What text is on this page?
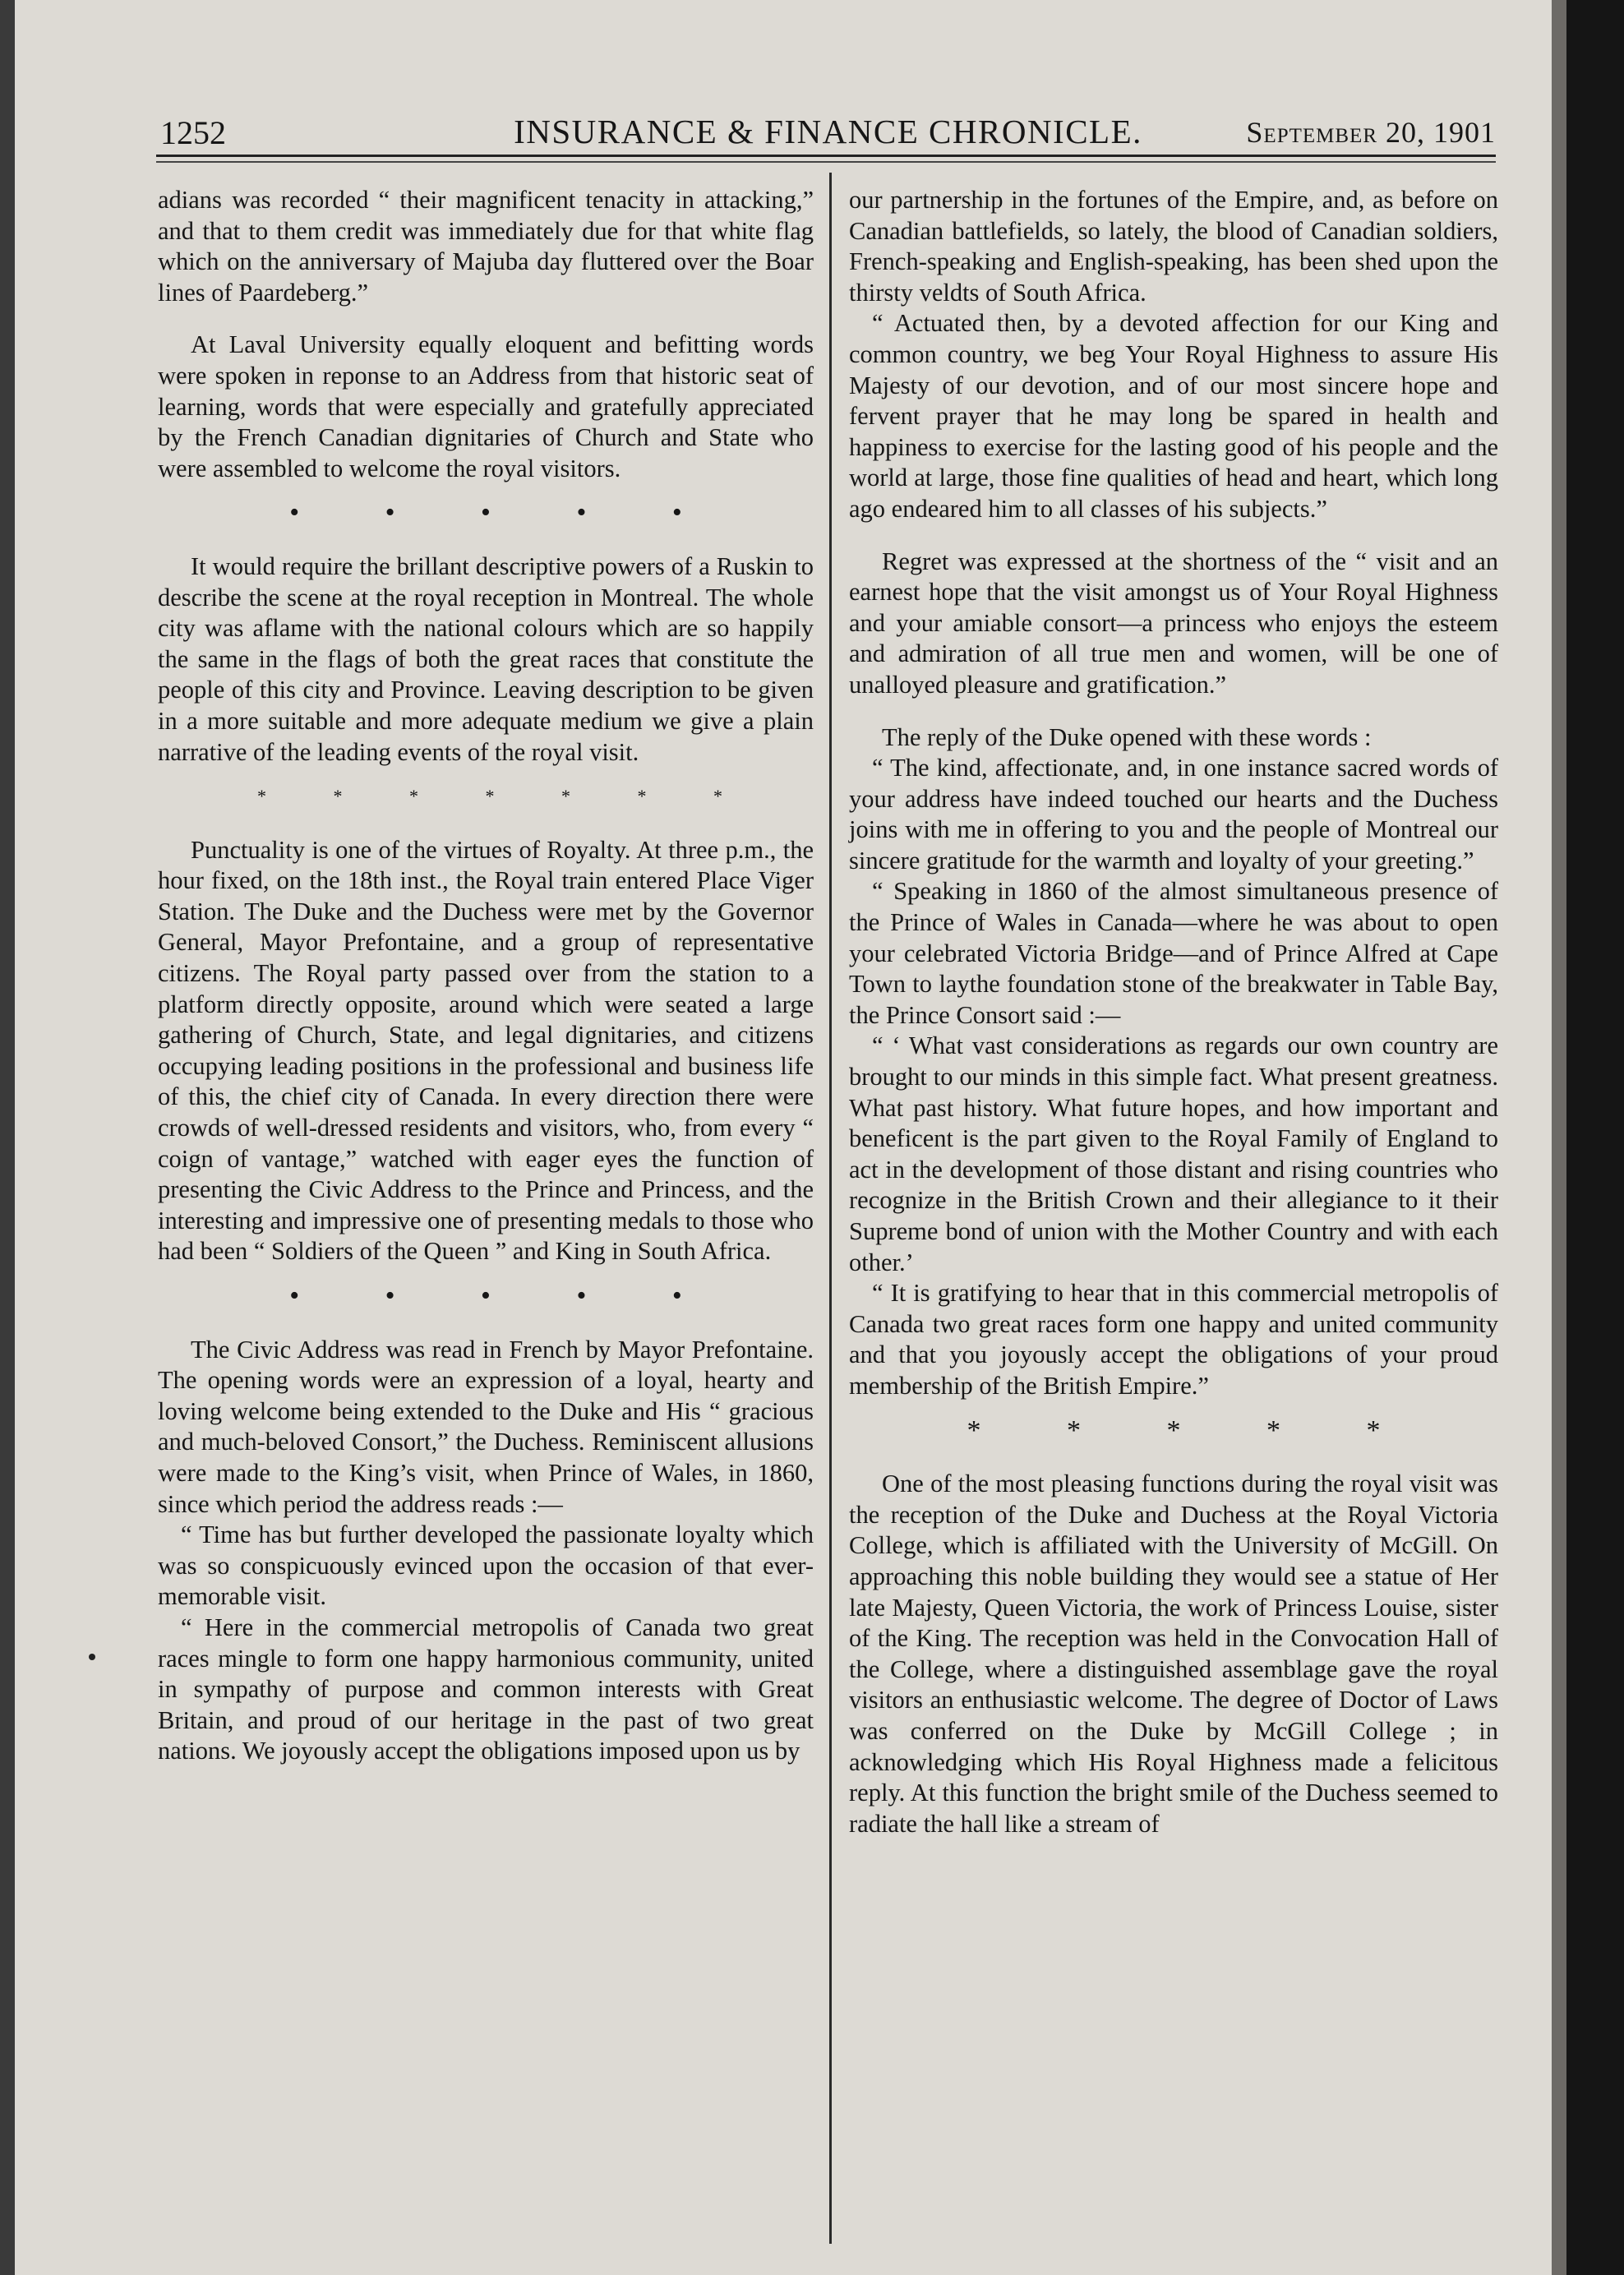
1252	INSURANCE & FINANCE CHRONICLE.	September 20, 1901

adians was recorded “ their magnificent tenacity in attacking,” and that to them credit was immediately due for that white flag which on the anniversary of Majuba day fluttered over the Boar lines of Paardeberg.”

At Laval University equally eloquent and befitting words were spoken in reponse to an Address from that historic seat of learning, words that were especially and gratefully appreciated by the French Canadian dignitaries of Church and State who were assembled to welcome the royal visitors.

• • • • •

It would require the brillant descriptive powers of a Ruskin to describe the scene at the royal reception in Montreal. The whole city was aflame with the national colours which are so happily the same in the flags of both the great races that constitute the people of this city and Province. Leaving description to be given in a more suitable and more adequate medium we give a plain narrative of the leading events of the royal visit.

* * * * * * *

Punctuality is one of the virtues of Royalty. At three p.m., the hour fixed, on the 18th inst., the Royal train entered Place Viger Station. The Duke and the Duchess were met by the Governor General, Mayor Prefontaine, and a group of representative citizens. The Royal party passed over from the station to a platform directly opposite, around which were seated a large gathering of Church, State, and legal dignitaries, and citizens occupying leading positions in the professional and business life of this, the chief city of Canada. In every direction there were crowds of well-dressed residents and visitors, who, from every “ coign of vantage,” watched with eager eyes the function of presenting the Civic Address to the Prince and Princess, and the interesting and impressive one of presenting medals to those who had been “ Soldiers of the Queen ” and King in South Africa.

• • • • •

The Civic Address was read in French by Mayor Prefontaine. The opening words were an expression of a loyal, hearty and loving welcome being extended to the Duke and His “ gracious and much-beloved Consort,” the Duchess. Reminiscent allusions were made to the King’s visit, when Prince of Wales, in 1860, since which period the address reads :—

“ Time has but further developed the passionate loyalty which was so conspicuously evinced upon the occasion of that ever-memorable visit.

“ Here in the commercial metropolis of Canada two great races mingle to form one happy harmonious community, united in sympathy of purpose and common interests with Great Britain, and proud of our heritage in the past of two great nations. We joyously accept the obligations imposed upon us by

our partnership in the fortunes of the Empire, and, as before on Canadian battlefields, so lately, the blood of Canadian soldiers, French-speaking and English-speaking, has been shed upon the thirsty veldts of South Africa.

“ Actuated then, by a devoted affection for our King and common country, we beg Your Royal Highness to assure His Majesty of our devotion, and of our most sincere hope and fervent prayer that he may long be spared in health and happiness to exercise for the lasting good of his people and the world at large, those fine qualities of head and heart, which long ago endeared him to all classes of his subjects.”

Regret was expressed at the shortness of the “ visit and an earnest hope that the visit amongst us of Your Royal Highness and your amiable consort—a princess who enjoys the esteem and admiration of all true men and women, will be one of unalloyed pleasure and gratification.”

The reply of the Duke opened with these words :

“ The kind, affectionate, and, in one instance sacred words of your address have indeed touched our hearts and the Duchess joins with me in offering to you and the people of Montreal our sincere gratitude for the warmth and loyalty of your greeting.”

“ Speaking in 1860 of the almost simultaneous presence of the Prince of Wales in Canada—where he was about to open your celebrated Victoria Bridge—and of Prince Alfred at Cape Town to laythe foundation stone of the breakwater in Table Bay, the Prince Consort said :—

“ ‘ What vast considerations as regards our own country are brought to our minds in this simple fact. What present greatness. What past history. What future hopes, and how important and beneficent is the part given to the Royal Family of England to act in the development of those distant and rising countries who recognize in the British Crown and their allegiance to it their Supreme bond of union with the Mother Country and with each other.’

“ It is gratifying to hear that in this commercial metropolis of Canada two great races form one happy and united community and that you joyously accept the obligations of your proud membership of the British Empire.”

* * * * *

One of the most pleasing functions during the royal visit was the reception of the Duke and Duchess at the Royal Victoria College, which is affiliated with the University of McGill. On approaching this noble building they would see a statue of Her late Majesty, Queen Victoria, the work of Princess Louise, sister of the King. The reception was held in the Convocation Hall of the College, where a distinguished assemblage gave the royal visitors an enthusiastic welcome. The degree of Doctor of Laws was conferred on the Duke by McGill College ; in acknowledging which His Royal Highness made a felicitous reply. At this function the bright smile of the Duchess seemed to radiate the hall like a stream of
